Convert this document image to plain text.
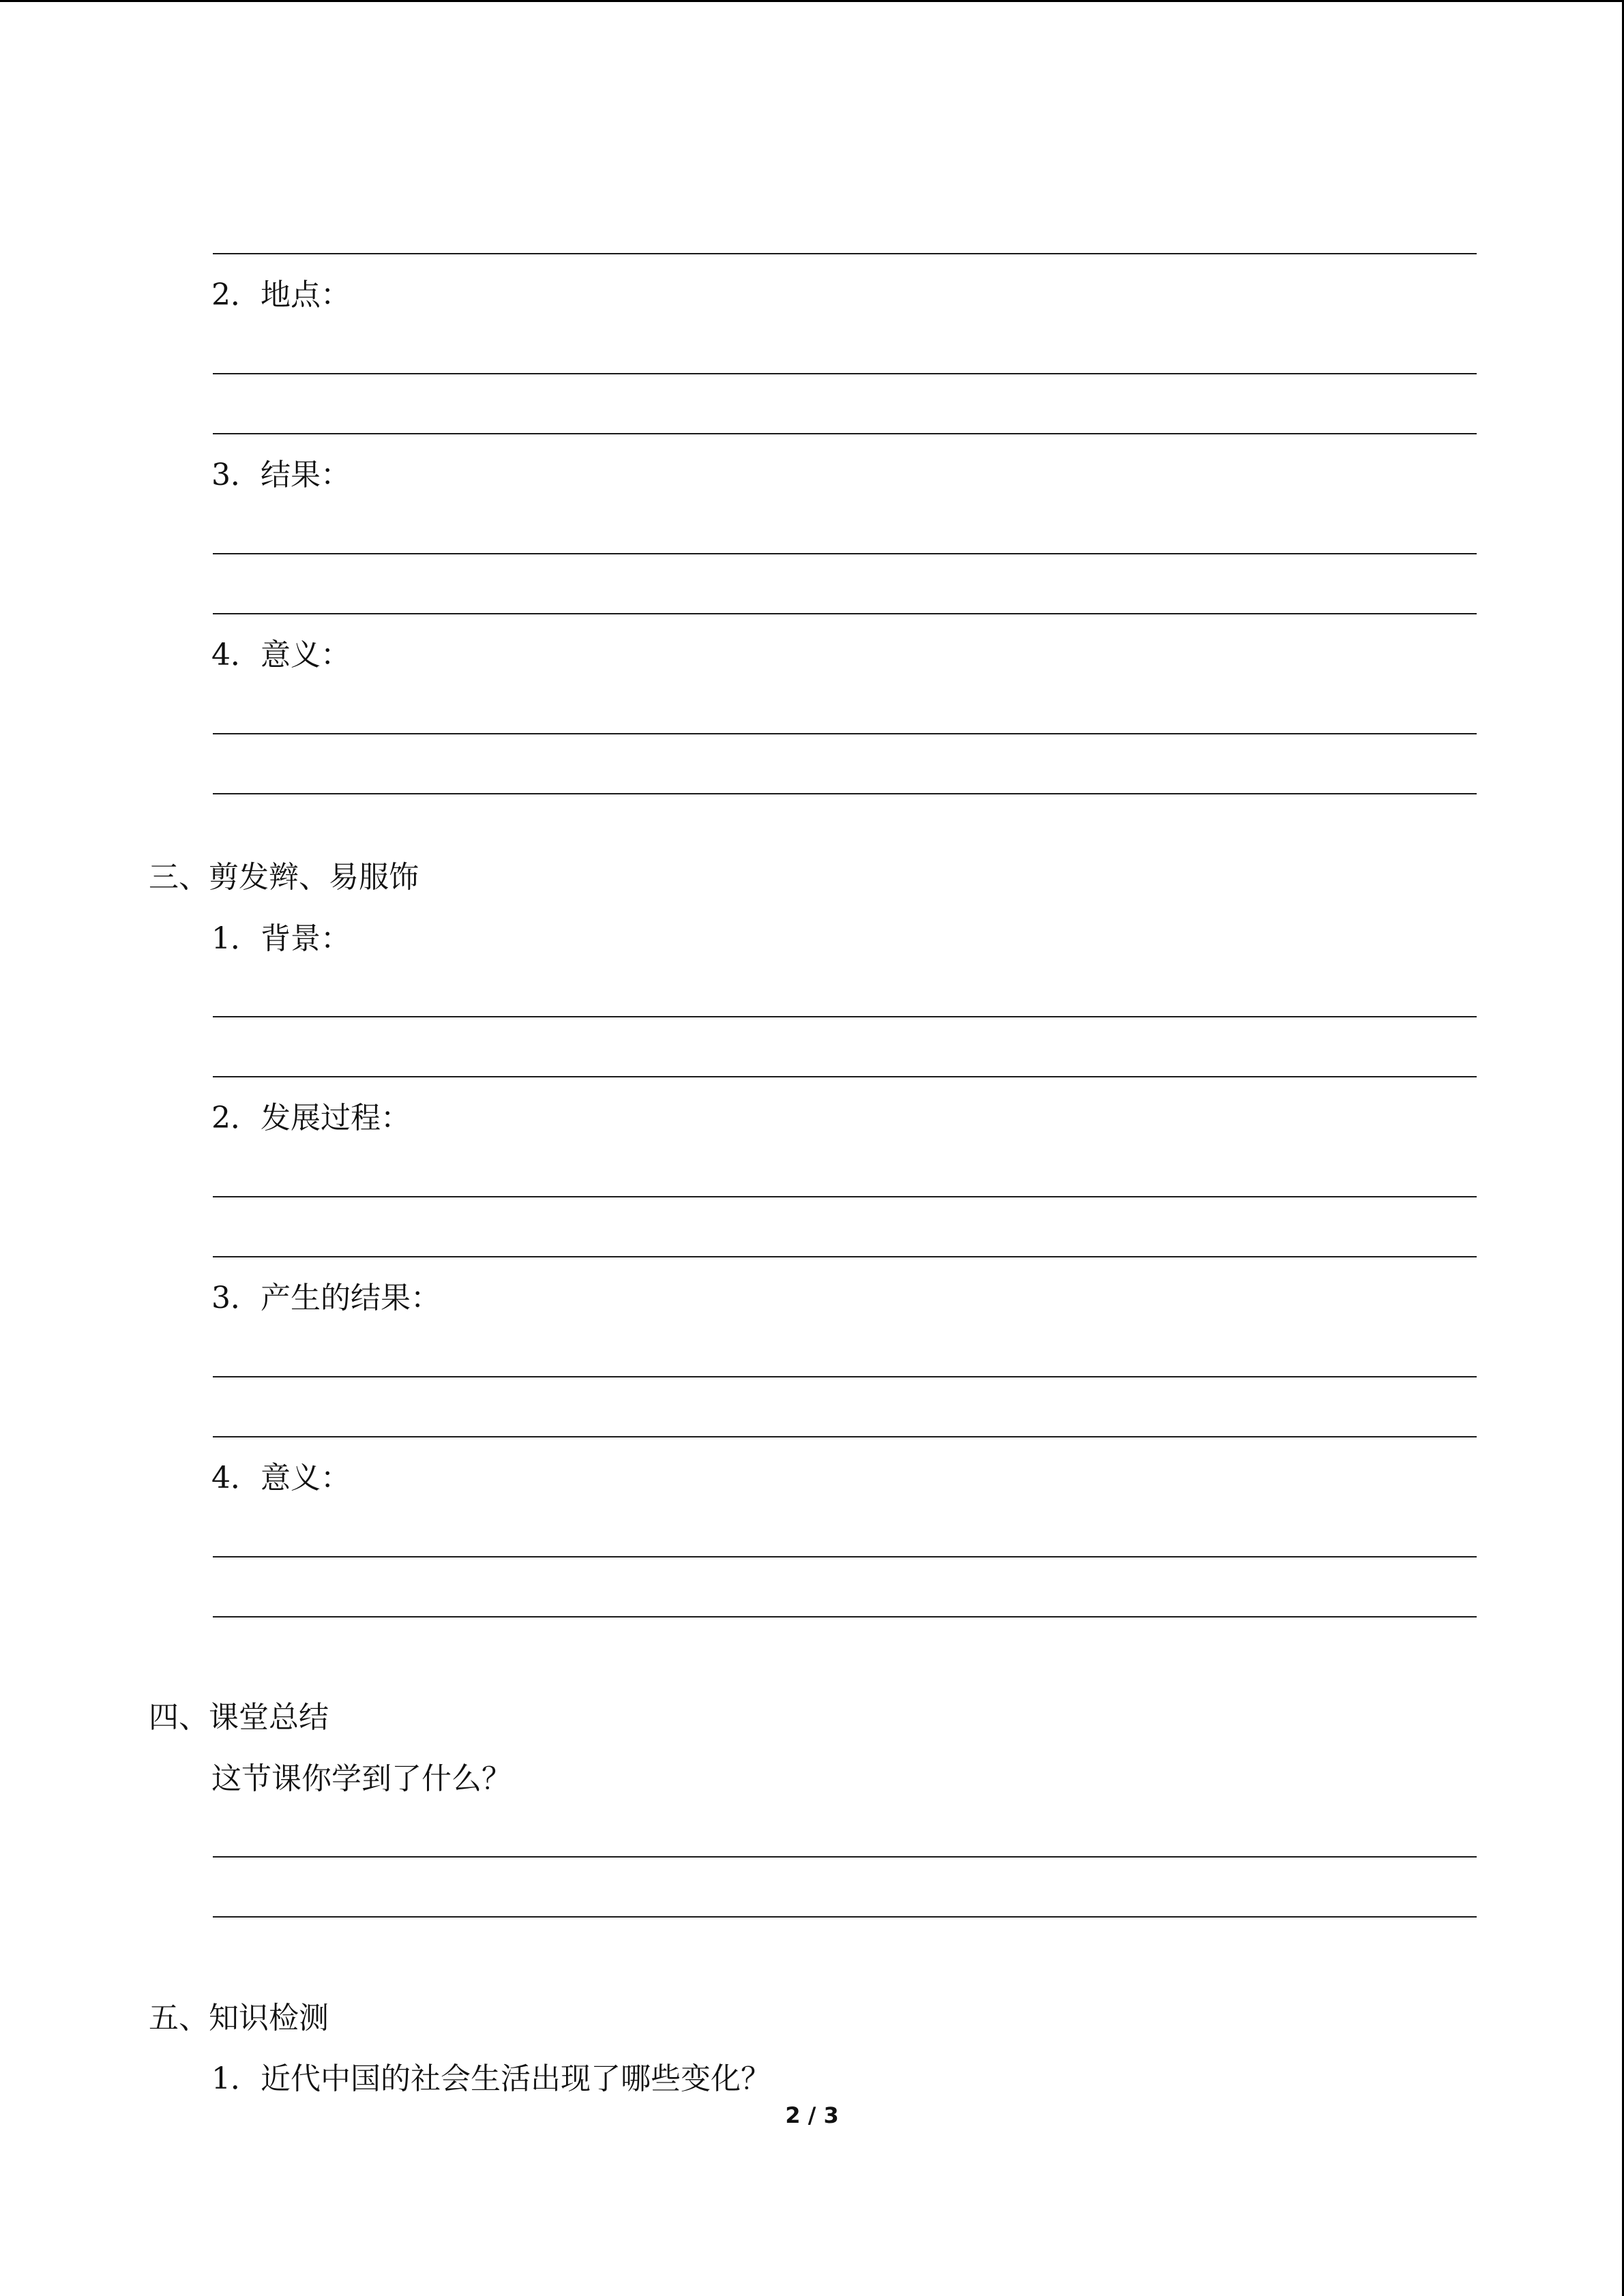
2．地点：
3．结果：
4．意义：
三、剪发辫、易服饰
1．背景：
2．发展过程：
3．产生的结果：
4．意义：
四、课堂总结
这节课你学到了什么？
五、知识检测
1．近代中国的社会生活出现了哪些变化？
2 / 3
